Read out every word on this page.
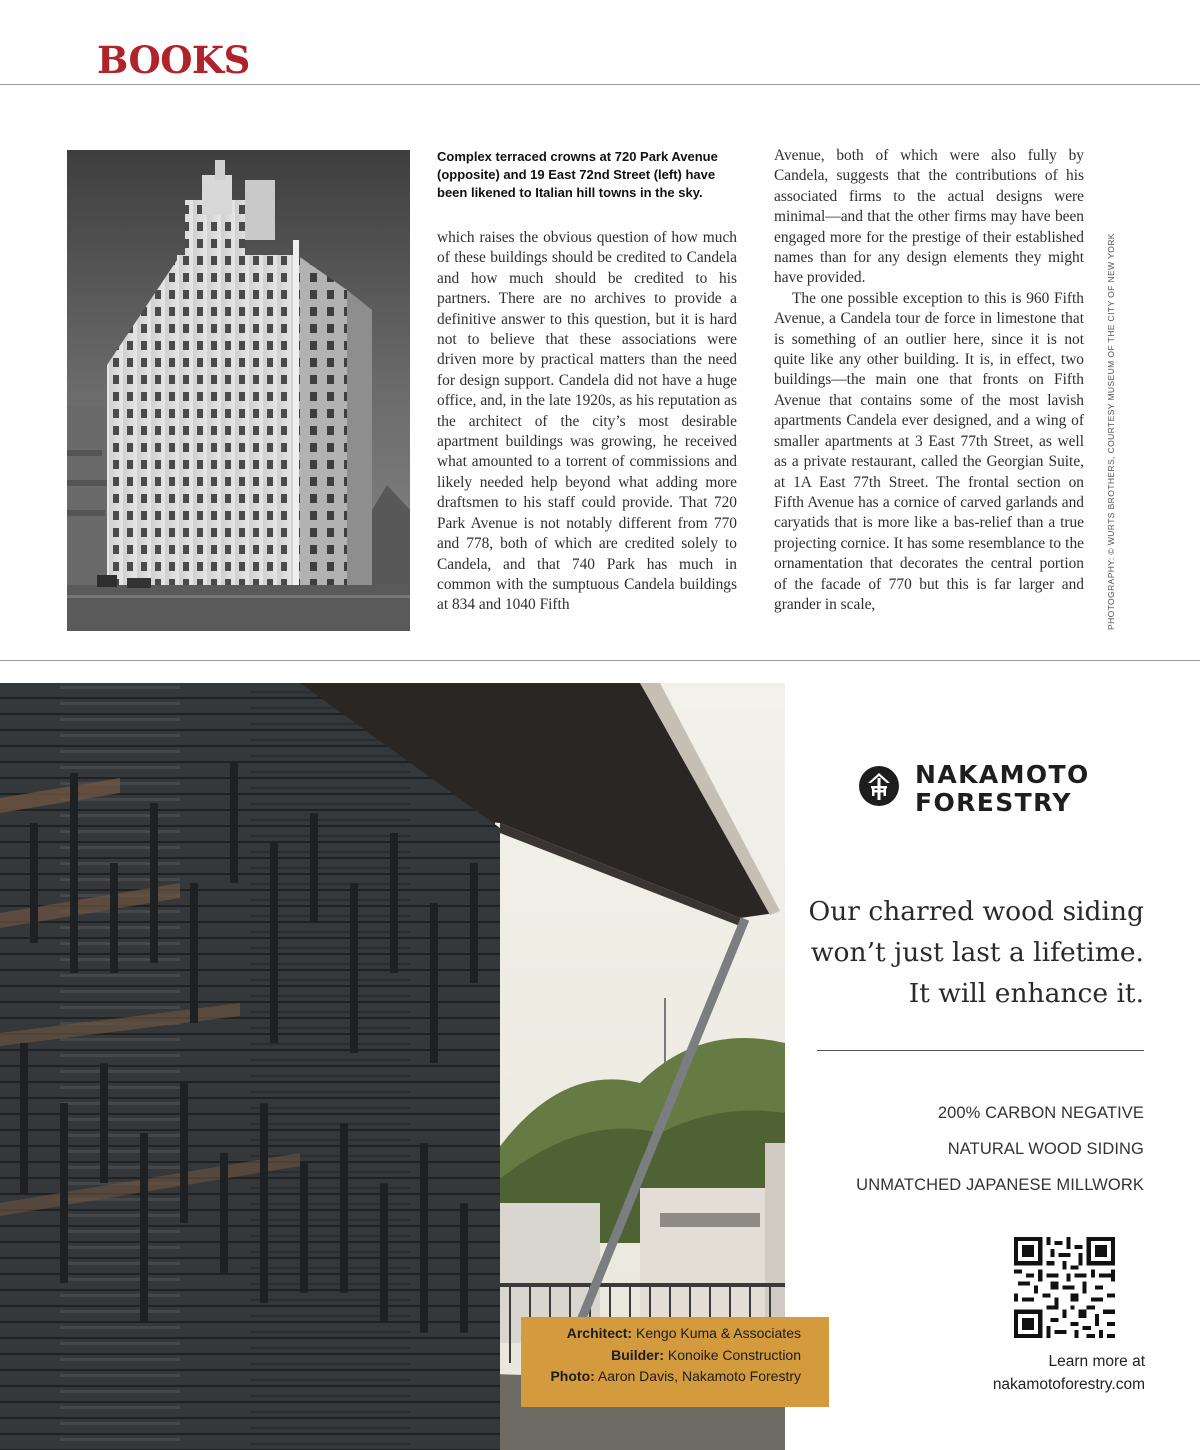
BOOKS
Complex terraced crowns at 720 Park Avenue (opposite) and 19 East 72nd Street (left) have been likened to Italian hill towns in the sky.

which raises the obvious question of how much of these buildings should be credited to Candela and how much should be credited to his partners. There are no archives to provide a definitive answer to this question, but it is hard not to believe that these associations were driven more by practical matters than the need for design support. Candela did not have a huge office, and, in the late 1920s, as his reputation as the architect of the city’s most desirable apartment buildings was growing, he received what amounted to a torrent of commissions and likely needed help beyond what adding more draftsmen to his staff could provide. That 720 Park Avenue is not notably different from 770 and 778, both of which are credited solely to Candela, and that 740 Park has much in common with the sumptuous Candela buildings at 834 and 1040 Fifth

Avenue, both of which were also fully by Candela, suggests that the contributions of his associated firms to the actual designs were minimal—and that the other firms may have been engaged more for the prestige of their established names than for any design elements they might have provided.

The one possible exception to this is 960 Fifth Avenue, a Candela tour de force in limestone that is something of an outlier here, since it is not quite like any other building. It is, in effect, two buildings—the main one that fronts on Fifth Avenue that contains some of the most lavish apartments Candela ever designed, and a wing of smaller apartments at 3 East 77th Street, as well as a private restaurant, called the Georgian Suite, at 1A East 77th Street. The frontal section on Fifth Avenue has a cornice of carved garlands and caryatids that is more like a bas-relief than a true projecting cornice. It has some resemblance to the ornamentation that decorates the central portion of the facade of 770 but this is far larger and grander in scale,	PHOTOGRAPHY: © WURTS BROTHERS, COURTESY MUSEUM OF THE CITY OF NEW YORK
Architect: Kengo Kuma & Associates
Builder: Konoike Construction
Photo: Aaron Davis, Nakamoto Forestry
NAKAMOTO
FORESTRY
Our charred wood siding
won’t just last a lifetime.
It will enhance it.
200% CARBON NEGATIVE
NATURAL WOOD SIDING
UNMATCHED JAPANESE MILLWORK
Learn more at
nakamotoforestry.com
